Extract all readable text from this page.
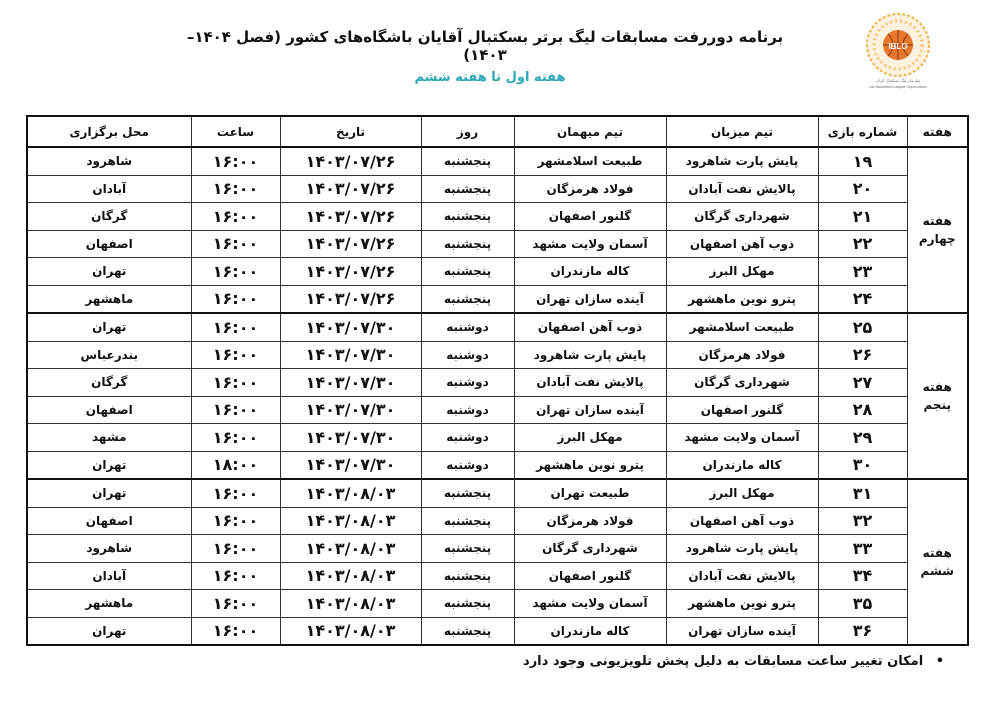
IBLO
سازمان لیگ بسکتبال ایران
Iran Basketball League Organization
برنامه دوررفت مسابقات لیگ برتر بسکتبال آقایان باشگاه‌های کشور (فصل ۱۴۰۴–۱۴۰۳)
هفته اول تا هفته ششم
هفته	شماره بازی	تیم میزبان	تیم میهمان	روز	تاریخ	ساعت	محل برگزاری

هفته
چهارم	۱۹	پایش پارت شاهرود	طبیعت اسلامشهر	پنجشنبه	۱۴۰۳/۰۷/۲۶	۱۶:۰۰	شاهرود
	۲۰	پالایش نفت آبادان	فولاد هرمزگان	پنجشنبه	۱۴۰۳/۰۷/۲۶	۱۶:۰۰	آبادان
	۲۱	شهرداری گرگان	گلنور اصفهان	پنجشنبه	۱۴۰۳/۰۷/۲۶	۱۶:۰۰	گرگان
	۲۲	ذوب آهن اصفهان	آسمان ولایت مشهد	پنجشنبه	۱۴۰۳/۰۷/۲۶	۱۶:۰۰	اصفهان
	۲۳	مهکل البرز	کاله مازندران	پنجشنبه	۱۴۰۳/۰۷/۲۶	۱۶:۰۰	تهران
	۲۴	پترو نوین ماهشهر	آینده سازان تهران	پنجشنبه	۱۴۰۳/۰۷/۲۶	۱۶:۰۰	ماهشهر

هفته پنجم	۲۵	طبیعت اسلامشهر	ذوب آهن اصفهان	دوشنبه	۱۴۰۳/۰۷/۳۰	۱۶:۰۰	تهران
	۲۶	فولاد هرمزگان	پایش پارت شاهرود	دوشنبه	۱۴۰۳/۰۷/۳۰	۱۶:۰۰	بندرعباس
	۲۷	شهرداری گرگان	پالایش نفت آبادان	دوشنبه	۱۴۰۳/۰۷/۳۰	۱۶:۰۰	گرگان
	۲۸	گلنور اصفهان	آینده سازان تهران	دوشنبه	۱۴۰۳/۰۷/۳۰	۱۶:۰۰	اصفهان
	۲۹	آسمان ولایت مشهد	مهکل البرز	دوشنبه	۱۴۰۳/۰۷/۳۰	۱۶:۰۰	مشهد
	۳۰	کاله مازندران	پترو نوین ماهشهر	دوشنبه	۱۴۰۳/۰۷/۳۰	۱۸:۰۰	تهران

هفته ششم	۳۱	مهکل البرز	طبیعت تهران	پنجشنبه	۱۴۰۳/۰۸/۰۳	۱۶:۰۰	تهران
	۳۲	ذوب آهن اصفهان	فولاد هرمزگان	پنجشنبه	۱۴۰۳/۰۸/۰۳	۱۶:۰۰	اصفهان
	۳۳	پایش پارت شاهرود	شهرداری گرگان	پنجشنبه	۱۴۰۳/۰۸/۰۳	۱۶:۰۰	شاهرود
	۳۴	پالایش نفت آبادان	گلنور اصفهان	پنجشنبه	۱۴۰۳/۰۸/۰۳	۱۶:۰۰	آبادان
	۳۵	پترو نوین ماهشهر	آسمان ولایت مشهد	پنجشنبه	۱۴۰۳/۰۸/۰۳	۱۶:۰۰	ماهشهر
	۳۶	آینده سازان تهران	کاله مازندران	پنجشنبه	۱۴۰۳/۰۸/۰۳	۱۶:۰۰	تهران
• امکان تغییر ساعت مسابقات به دلیل پخش تلویزیونی وجود دارد
